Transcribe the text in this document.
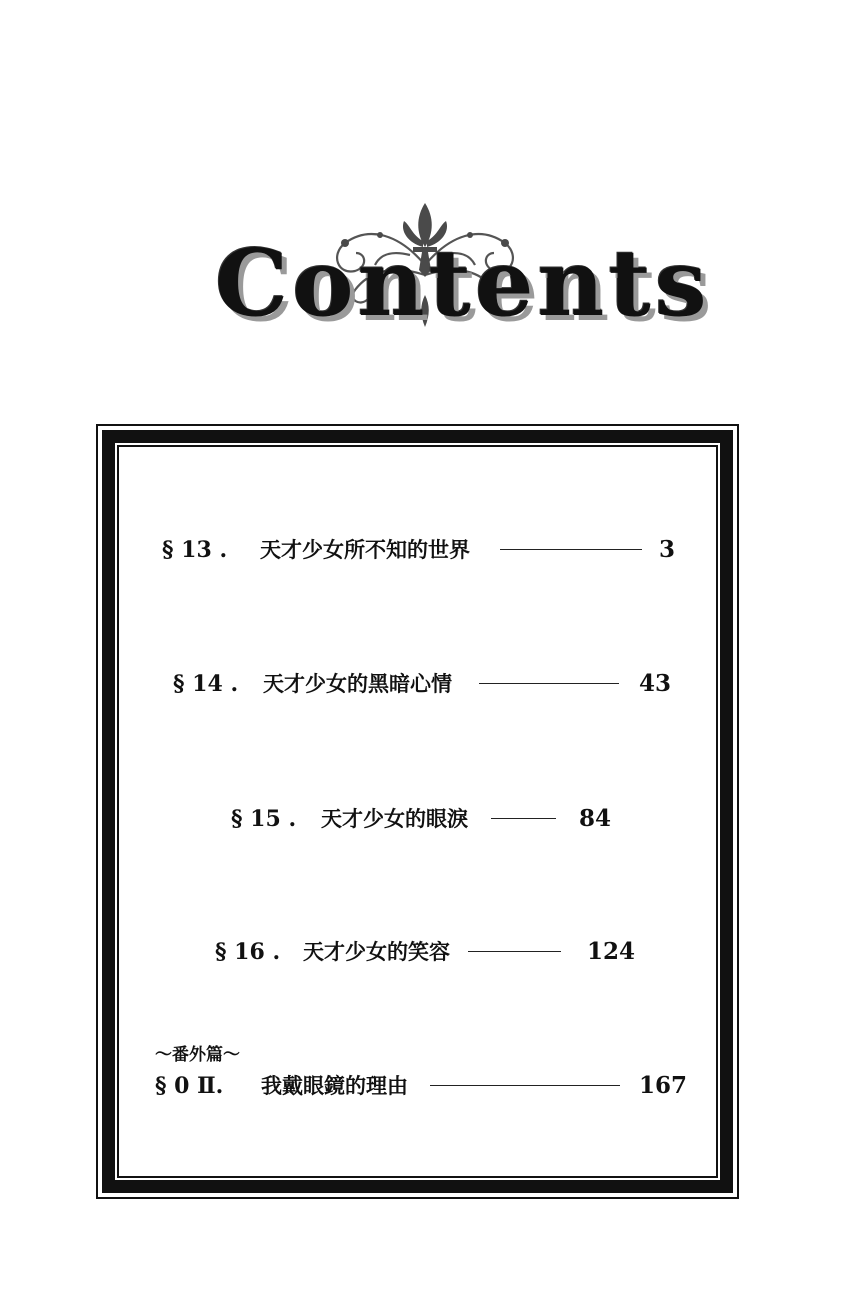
Contents
§ 13 . 天才少女所不知的世界	3
§ 14 . 天才少女的黑暗心情	43
§ 15 . 天才少女的眼淚	84
§ 16 . 天才少女的笑容	124
～番外篇～
§ 0 Ⅱ. 我戴眼鏡的理由	167
